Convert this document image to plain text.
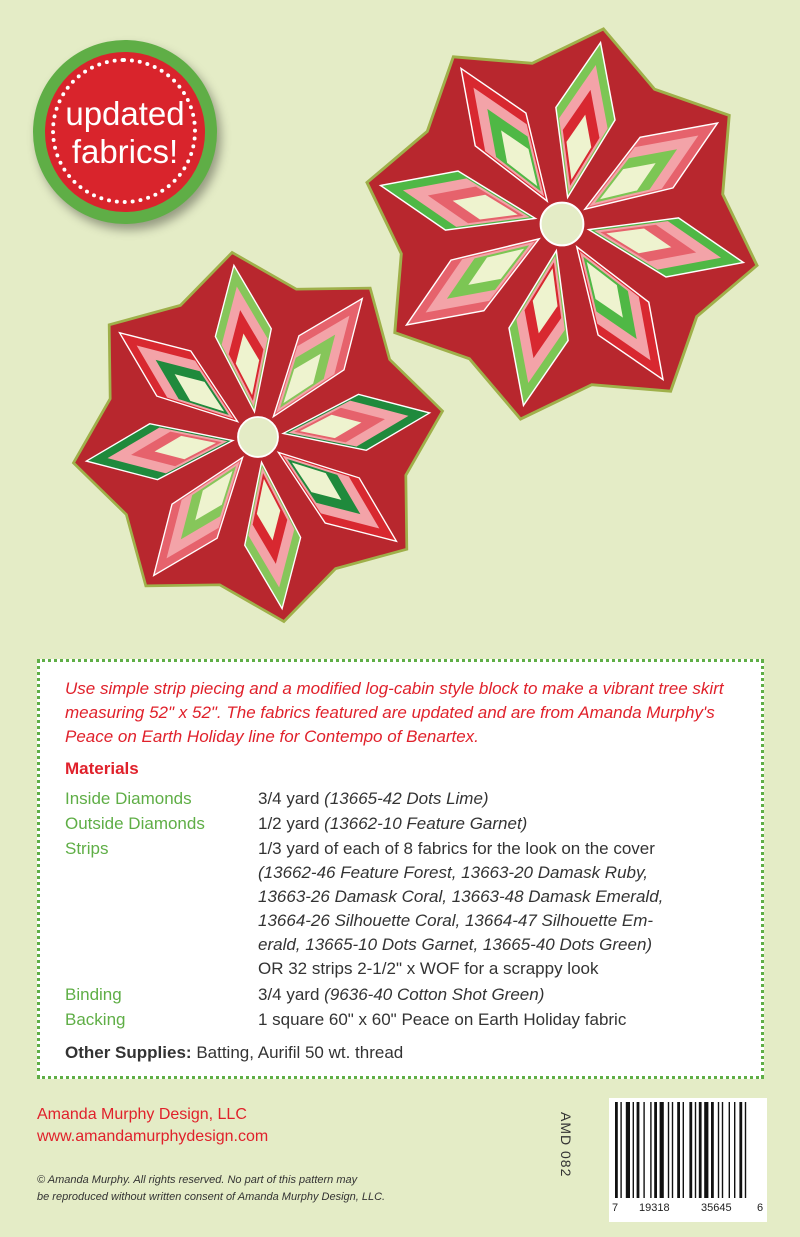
updated
fabrics!
Use simple strip piecing and a modified log-cabin style block to make a vibrant tree skirt measuring 52" x 52". The fabrics featured are updated and are from Amanda Murphy's Peace on Earth Holiday line for Contempo of Benartex.
Materials
Inside Diamonds	3/4 yard (13665-42 Dots Lime)
Outside Diamonds	1/2 yard (13662-10 Feature Garnet)
Strips	1/3 yard of each of 8 fabrics for the look on the cover
(13662-46 Feature Forest, 13663-20 Damask Ruby,
13663-26 Damask Coral, 13663-48 Damask Emerald,
13664-26 Silhouette Coral, 13664-47 Silhouette Em-
erald, 13665-10 Dots Garnet, 13665-40 Dots Green)
OR 32 strips 2-1/2" x WOF for a scrappy look
Binding	3/4 yard (9636-40 Cotton Shot Green)
Backing	1 square 60" x 60" Peace on Earth Holiday fabric
Other Supplies: Batting, Aurifil 50 wt. thread
Amanda Murphy Design, LLC
www.amandamurphydesign.com
© Amanda Murphy. All rights reserved. No part of this pattern may
be reproduced without written consent of Amanda Murphy Design, LLC.
AMD 082
7 19318	35645 6
